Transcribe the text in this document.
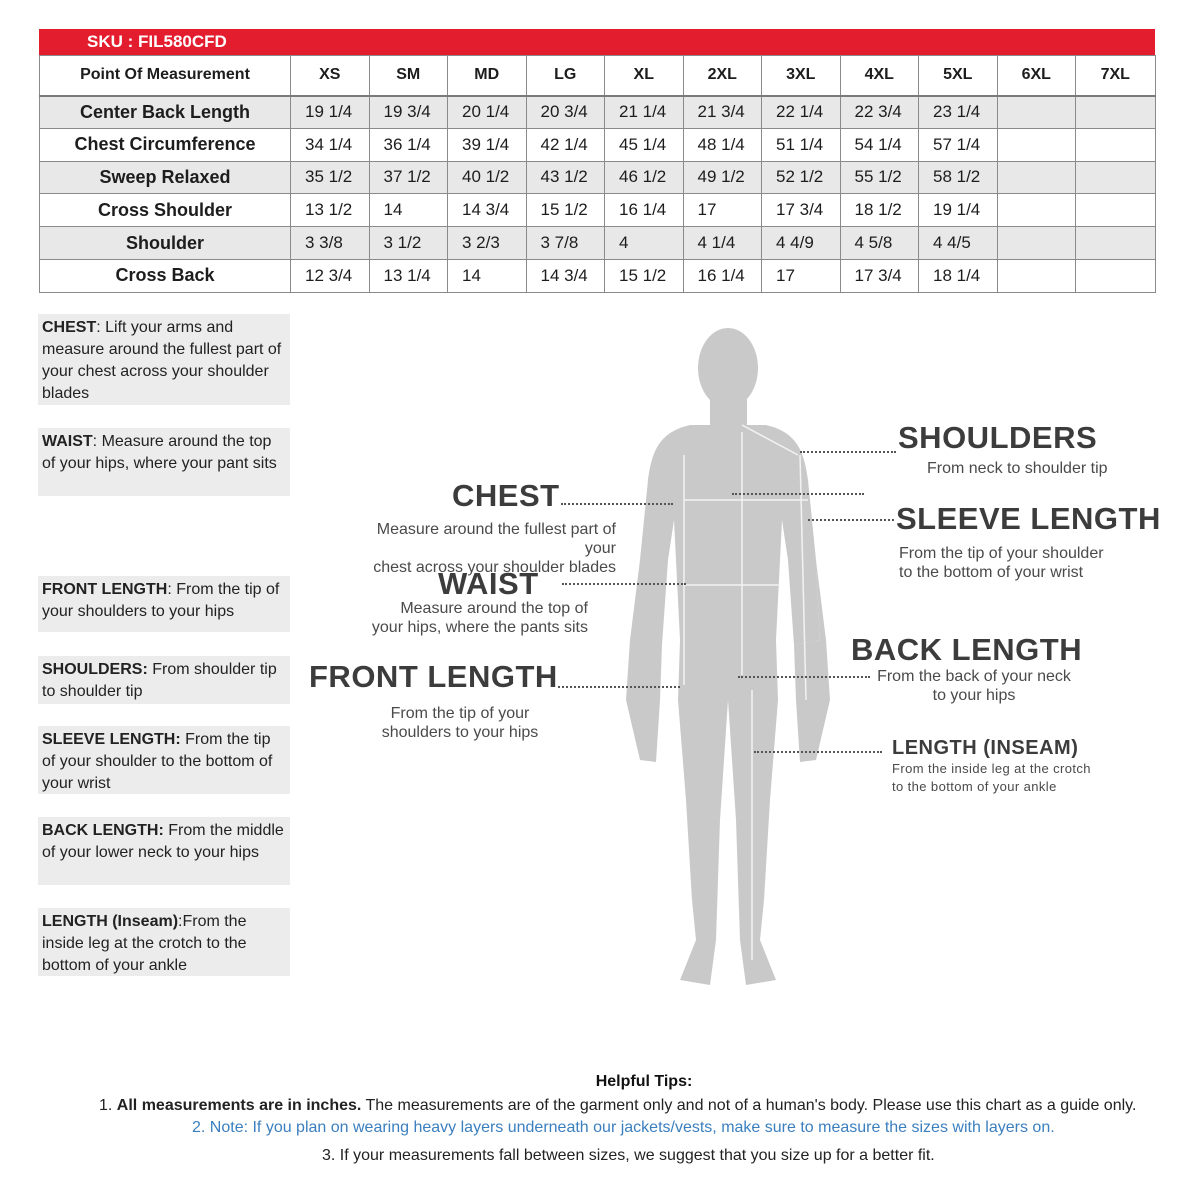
SKU : FIL580CFD
Point Of Measurement	XS	SM	MD	LG	XL	2XL	3XL	4XL	5XL	6XL	7XL
Center Back Length	19 1/4	19 3/4	20 1/4	20 3/4	21 1/4	21 3/4	22 1/4	22 3/4	23 1/4		
Chest Circumference	34 1/4	36 1/4	39 1/4	42 1/4	45 1/4	48 1/4	51 1/4	54 1/4	57 1/4		
Sweep Relaxed	35 1/2	37 1/2	40 1/2	43 1/2	46 1/2	49 1/2	52 1/2	55 1/2	58 1/2		
Cross Shoulder	13 1/2	14	14 3/4	15 1/2	16 1/4	17	17 3/4	18 1/2	19 1/4		
Shoulder	3 3/8	3 1/2	3 2/3	3 7/8	4	4 1/4	4 4/9	4 5/8	4 4/5		
Cross Back	12 3/4	13 1/4	14	14 3/4	15 1/2	16 1/4	17	17 3/4	18 1/4		
CHEST: Lift your arms and measure around the fullest part of your chest across your shoulder blades
WAIST: Measure around the top of your hips, where your pant sits
FRONT LENGTH: From the tip of your shoulders to your hips
SHOULDERS: From shoulder tip to shoulder tip
SLEEVE LENGTH: From the tip of your shoulder to the bottom of your wrist
BACK LENGTH: From the middle of your lower neck to your hips
LENGTH (Inseam):From the inside leg at the crotch to the bottom of your ankle
CHEST
Measure around the fullest part of your
chest across your shoulder blades
WAIST
Measure around the top of
your hips, where the pants sits
FRONT LENGTH
From the tip of your
shoulders to your hips
SHOULDERS
From neck to shoulder tip
SLEEVE LENGTH
From the tip of your shoulder
to the bottom of your wrist
BACK LENGTH
From the back of your neck
to your hips
LENGTH (INSEAM)
From the inside leg at the crotch
to the bottom of your ankle
Helpful Tips:
1. All measurements are in inches. The measurements are of the garment only and not of a human's body. Please use this chart as a guide only.
2. Note: If you plan on wearing heavy layers underneath our jackets/vests, make sure to measure the sizes with layers on.
3. If your measurements fall between sizes, we suggest that you size up for a better fit.
